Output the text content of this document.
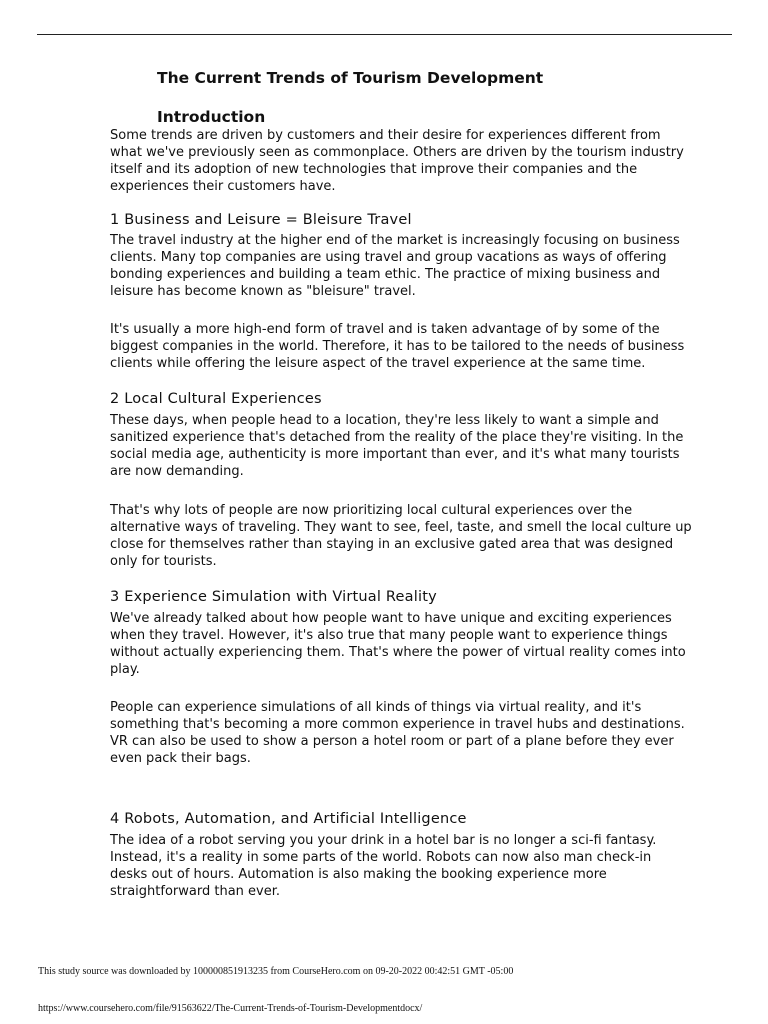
The Current Trends of Tourism Development
Introduction

Some trends are driven by customers and their desire for experiences different from
what we've previously seen as commonplace. Others are driven by the tourism industry
itself and its adoption of new technologies that improve their companies and the
experiences their customers have.

1 Business and Leisure = Bleisure Travel

The travel industry at the higher end of the market is increasingly focusing on business
clients. Many top companies are using travel and group vacations as ways of offering
bonding experiences and building a team ethic. The practice of mixing business and
leisure has become known as "bleisure" travel.

It's usually a more high-end form of travel and is taken advantage of by some of the
biggest companies in the world. Therefore, it has to be tailored to the needs of business
clients while offering the leisure aspect of the travel experience at the same time.

2 Local Cultural Experiences

These days, when people head to a location, they're less likely to want a simple and
sanitized experience that's detached from the reality of the place they're visiting. In the
social media age, authenticity is more important than ever, and it's what many tourists
are now demanding.

That's why lots of people are now prioritizing local cultural experiences over the
alternative ways of traveling. They want to see, feel, taste, and smell the local culture up
close for themselves rather than staying in an exclusive gated area that was designed
only for tourists.

3 Experience Simulation with Virtual Reality

We've already talked about how people want to have unique and exciting experiences
when they travel. However, it's also true that many people want to experience things
without actually experiencing them. That's where the power of virtual reality comes into
play.

People can experience simulations of all kinds of things via virtual reality, and it's
something that's becoming a more common experience in travel hubs and destinations.
VR can also be used to show a person a hotel room or part of a plane before they ever
even pack their bags.

4 Robots, Automation, and Artificial Intelligence

The idea of a robot serving you your drink in a hotel bar is no longer a sci-fi fantasy.
Instead, it's a reality in some parts of the world. Robots can now also man check-in
desks out of hours. Automation is also making the booking experience more
straightforward than ever.

This study source was downloaded by 100000851913235 from CourseHero.com on 09-20-2022 00:42:51 GMT -05:00
https://www.coursehero.com/file/91563622/The-Current-Trends-of-Tourism-Developmentdocx/
